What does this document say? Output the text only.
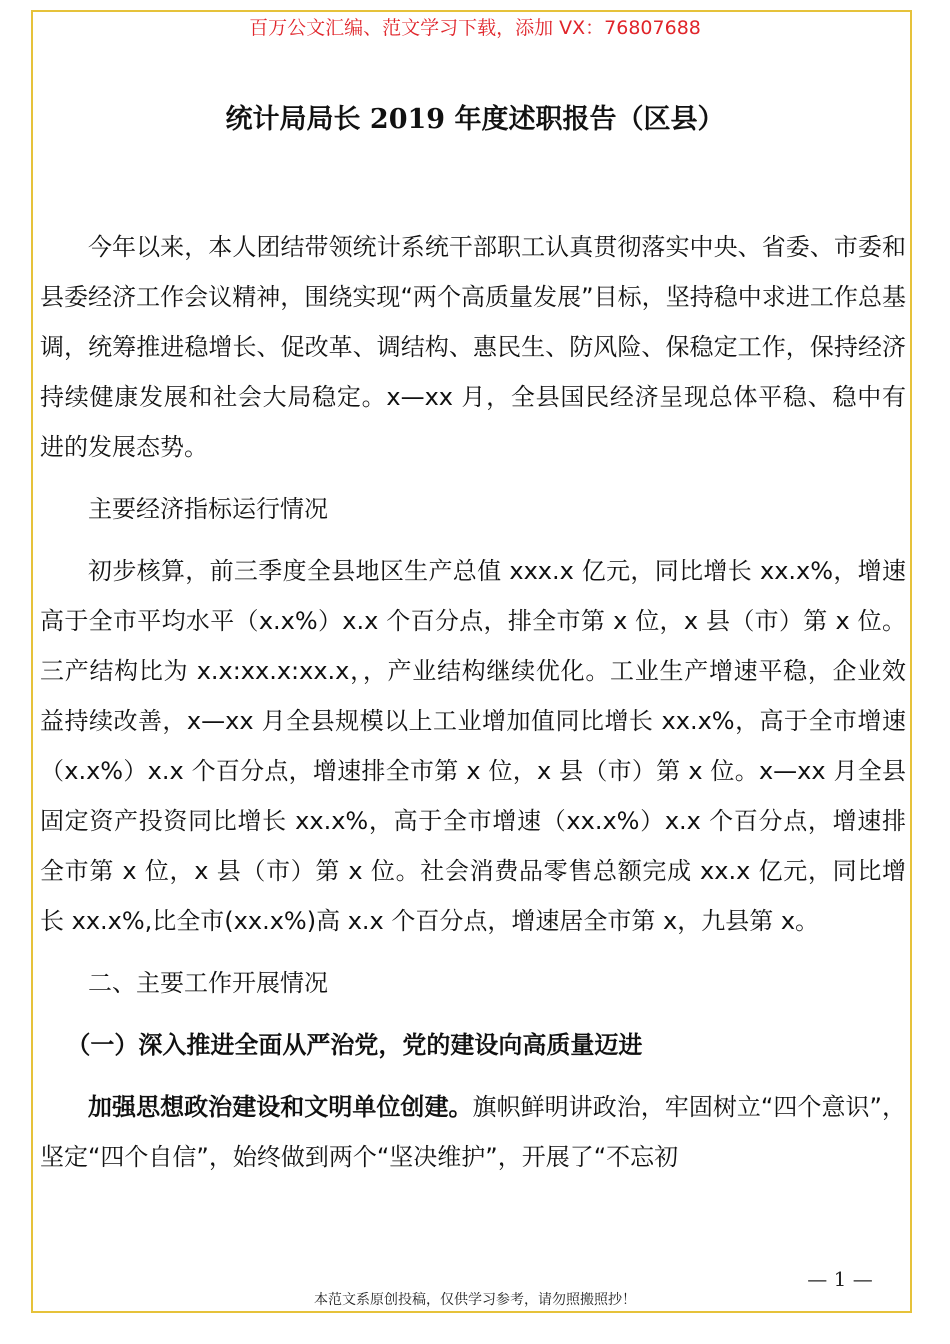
百万公文汇编、范文学习下载，添加 VX：76807688
统计局局长 2019 年度述职报告（区县）

今年以来，本人团结带领统计系统干部职工认真贯彻落实中央、省委、市委和县委经济工作会议精神，围绕实现“两个高质量发展”目标，坚持稳中求进工作总基调，统筹推进稳增长、促改革、调结构、惠民生、防风险、保稳定工作，保持经济持续健康发展和社会大局稳定。x—xx 月，全县国民经济呈现总体平稳、稳中有进的发展态势。

主要经济指标运行情况

初步核算，前三季度全县地区生产总值 xxx.x 亿元，同比增长 xx.x%，增速高于全市平均水平（x.x%）x.x 个百分点，排全市第 x 位，x 县（市）第 x 位。三产结构比为 x.x:xx.x:xx.x，，产业结构继续优化。工业生产增速平稳，企业效益持续改善，x—xx 月全县规模以上工业增加值同比增长 xx.x%，高于全市增速（x.x%）x.x 个百分点，增速排全市第 x 位，x 县（市）第 x 位。x—xx 月全县固定资产投资同比增长 xx.x%，高于全市增速（xx.x%）x.x 个百分点，增速排全市第 x 位，x 县（市）第 x 位。社会消费品零售总额完成 xx.x 亿元，同比增长 xx.x%,比全市(xx.x%)高 x.x 个百分点，增速居全市第 x，九县第 x。

二、主要工作开展情况

（一）深入推进全面从严治党，党的建设向高质量迈进

加强思想政治建设和文明单位创建。旗帜鲜明讲政治，牢固树立“四个意识”，坚定“四个自信”，始终做到两个“坚决维护”，开展了“不忘初

— 1 —
本范文系原创投稿，仅供学习参考，请勿照搬照抄！
